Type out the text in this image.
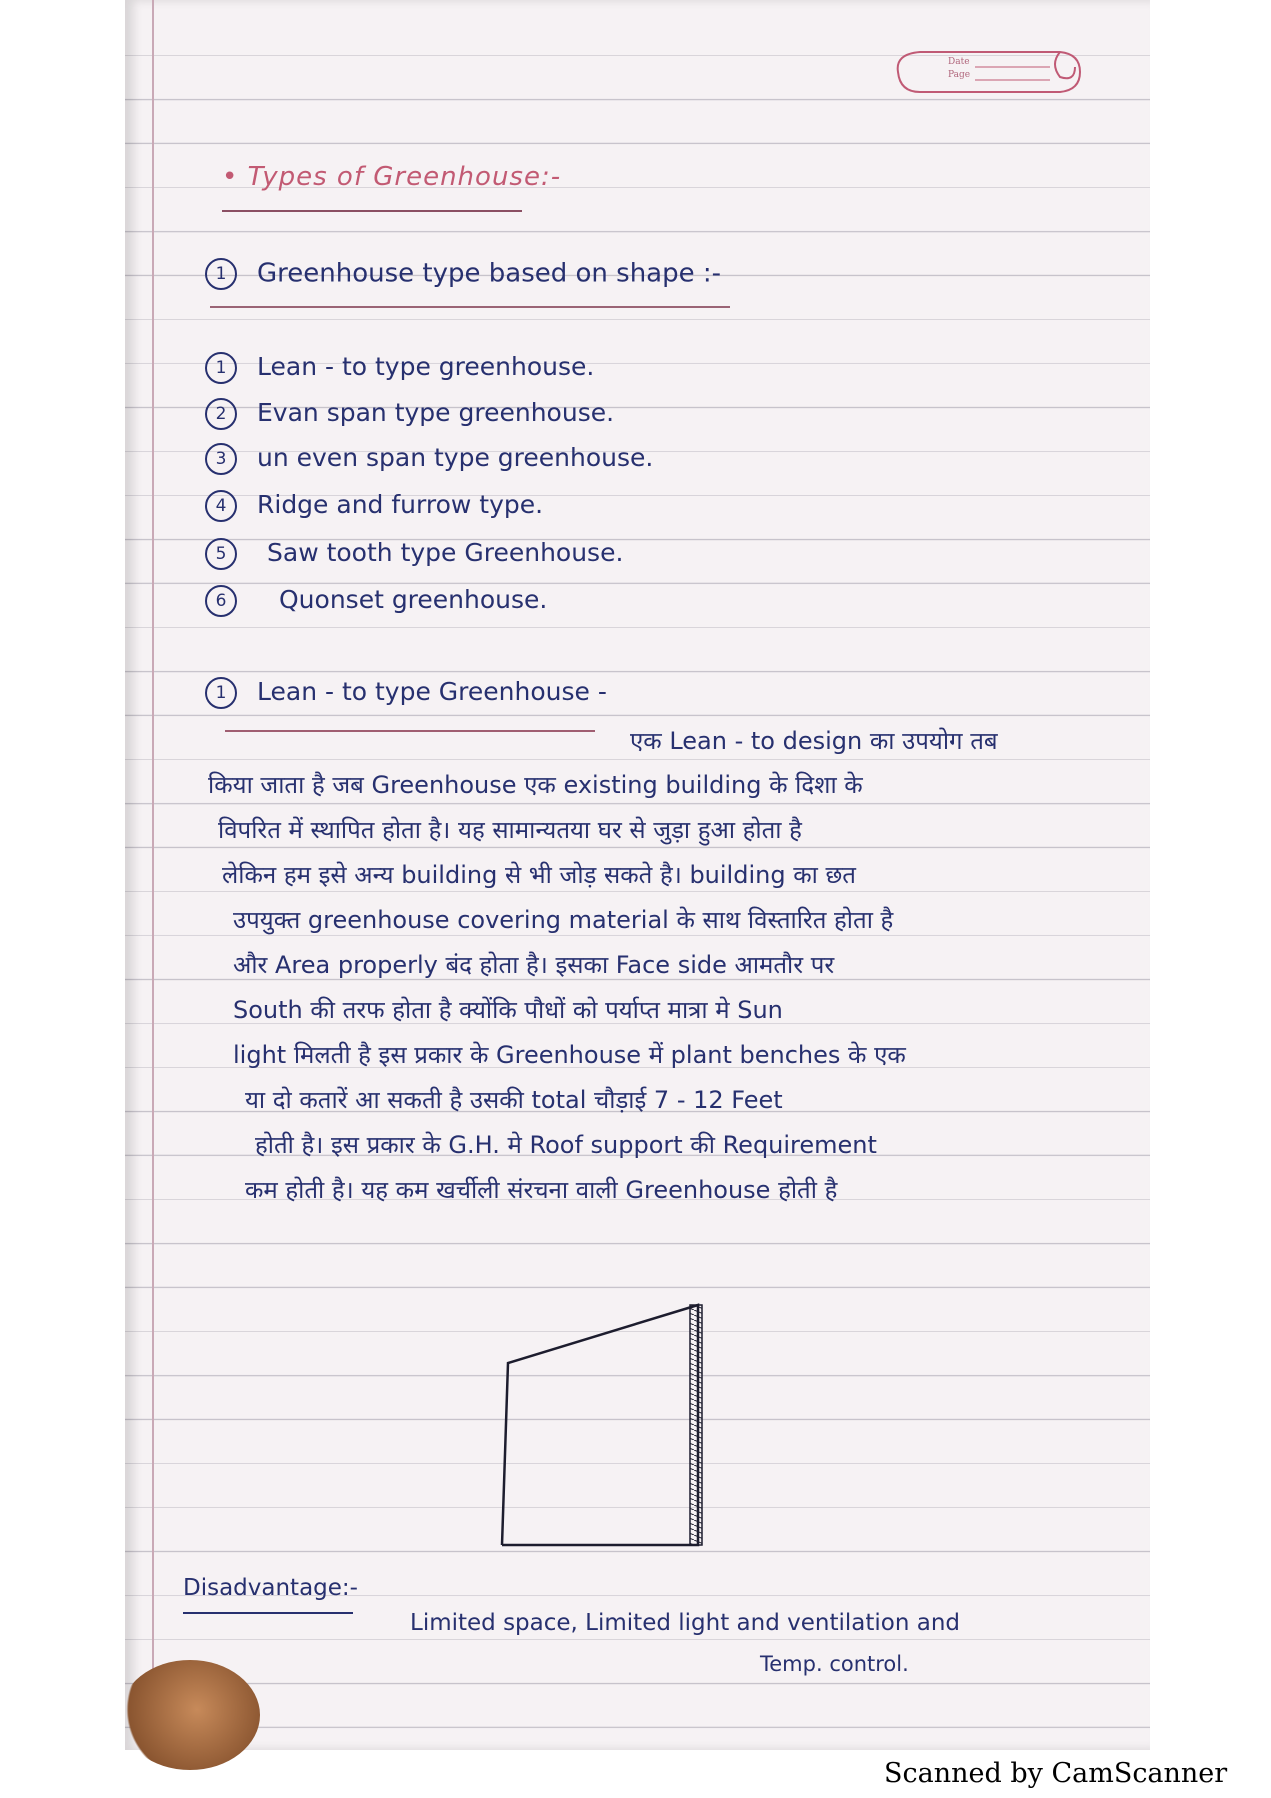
Date
Page
• Types of Greenhouse:-
1 Greenhouse type based on shape :-
1 Lean - to type greenhouse.
2 Evan span type greenhouse.
3 un even span type greenhouse.
4 Ridge and furrow type.
5 Saw tooth type Greenhouse.
6 Quonset greenhouse.
1 Lean - to type Greenhouse -
एक Lean - to design का उपयोग तब
किया जाता है जब Greenhouse एक existing building के दिशा के
विपरित में स्थापित होता है। यह सामान्यतया घर से जुड़ा हुआ होता है
लेकिन हम इसे अन्य building से भी जोड़ सकते है। building का छत
उपयुक्त greenhouse covering material के साथ विस्तारित होता है
और Area properly बंद होता है। इसका Face side आमतौर पर
South की तरफ होता है क्योंकि पौधों को पर्याप्त मात्रा मे Sun
light मिलती है इस प्रकार के Greenhouse में plant benches के एक
या दो कतारें आ सकती है उसकी total चौड़ाई 7 - 12 Feet
होती है। इस प्रकार के G.H. मे Roof support की Requirement
कम होती है। यह कम खर्चीली संरचना वाली Greenhouse होती है
Disadvantage:-
Limited space, Limited light and ventilation and
Temp. control.
Scanned by CamScanner
